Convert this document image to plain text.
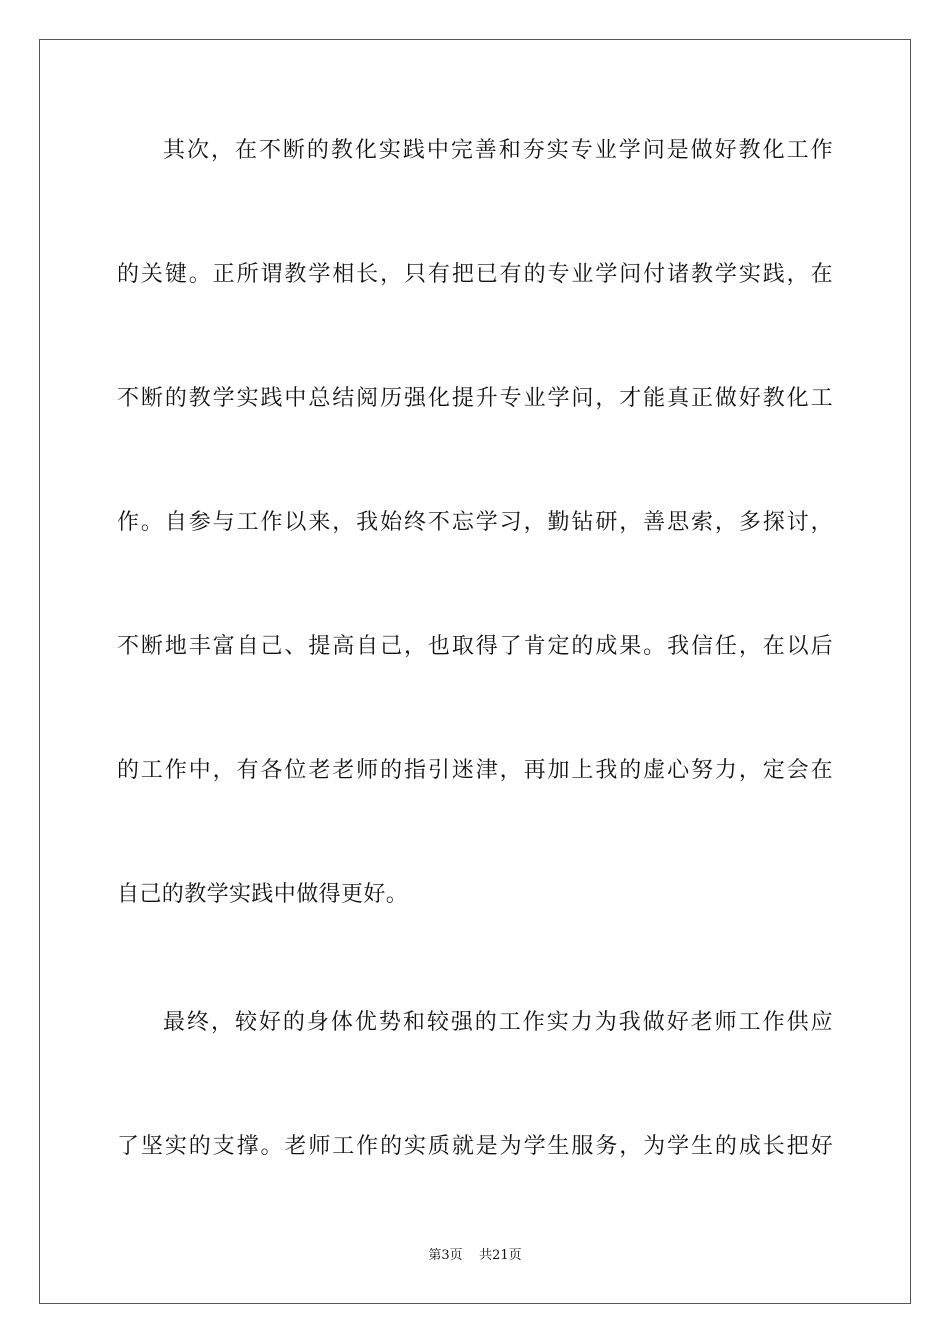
其次，在不断的教化实践中完善和夯实专业学问是做好教化工作
的关键。正所谓教学相长，只有把已有的专业学问付诸教学实践，在
不断的教学实践中总结阅历强化提升专业学问，才能真正做好教化工
作。自参与工作以来，我始终不忘学习，勤钻研，善思索，多探讨，
不断地丰富自己、提高自己，也取得了肯定的成果。我信任，在以后
的工作中，有各位老老师的指引迷津，再加上我的虚心努力，定会在
自己的教学实践中做得更好。
最终，较好的身体优势和较强的工作实力为我做好老师工作供应
了坚实的支撑。老师工作的实质就是为学生服务，为学生的成长把好
第3页 共21页
